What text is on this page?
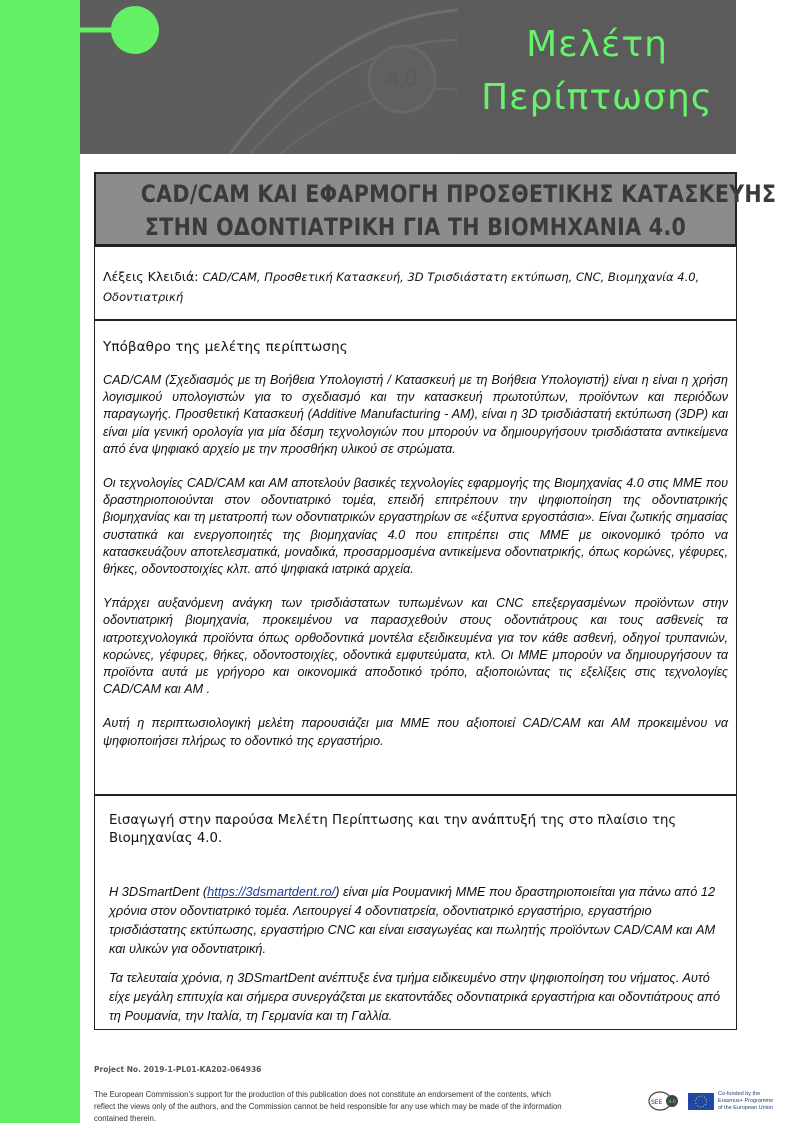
4.0
Μελέτη
Περίπτωσης
CAD/CAM ΚΑΙ ΕΦΑΡΜΟΓΗ ΠΡΟΣΘΕΤΙΚΗΣ ΚΑΤΑΣΚΕΥΗΣ
ΣΤΗΝ ΟΔΟΝΤΙΑΤΡΙΚΗ ΓΙΑ ΤΗ ΒΙΟΜΗΧΑΝΙΑ 4.0
Λέξεις Κλειδιά: CAD/CAM, Προσθετική Κατασκευή, 3D Τρισδιάστατη εκτύπωση, CNC, Βιομηχανία 4.0, Οδοντιατρική
Υπόβαθρο της μελέτης περίπτωσης

CAD/CAM (Σχεδιασμός με τη Βοήθεια Υπολογιστή / Κατασκευή με τη Βοήθεια Υπολογιστή) είναι η είναι η χρήση λογισμικού υπολογιστών για το σχεδιασμό και την κατασκευή πρωτοτύπων, προϊόντων και περιόδων παραγωγής. Προσθετική Κατασκευή (Additive Manufacturing - AM), είναι η 3D τρισδιάστατή εκτύπωση (3DP) και είναι μία γενική ορολογία για μία δέσμη τεχνολογιών που μπορούν να δημιουργήσουν τρισδιάστατα αντικείμενα από ένα ψηφιακό αρχείο με την προσθήκη υλικού σε στρώματα.

Οι τεχνολογίες CAD/CAM και AM αποτελούν βασικές τεχνολογίες εφαρμογής της Βιομηχανίας 4.0 στις ΜΜΕ που δραστηριοποιούνται στον οδοντιατρικό τομέα, επειδή επιτρέπουν την ψηφιοποίηση της οδοντιατρικής βιομηχανίας και τη μετατροπή των οδοντιατρικών εργαστηρίων σε «έξυπνα εργοστάσια». Είναι ζωτικής σημασίας συστατικά και ενεργοποιητές της βιομηχανίας 4.0 που επιτρέπει στις ΜΜΕ με οικονομικό τρόπο να κατασκευάζουν αποτελεσματικά, μοναδικά, προσαρμοσμένα αντικείμενα οδοντιατρικής, όπως κορώνες, γέφυρες, θήκες, οδοντοστοιχίες κλπ. από ψηφιακά ιατρικά αρχεία.

Υπάρχει αυξανόμενη ανάγκη των τρισδιάστατων τυπωμένων και CNC επεξεργασμένων προϊόντων στην οδοντιατρική βιομηχανία, προκειμένου να παρασχεθούν στους οδοντιάτρους και τους ασθενείς τα ιατροτεχνολογικά προϊόντα όπως ορθοδοντικά μοντέλα εξειδικευμένα για τον κάθε ασθενή, οδηγοί τρυπανιών, κορώνες, γέφυρες, θήκες, οδοντοστοιχίες, οδοντικά εμφυτεύματα, κτλ. Οι ΜΜΕ μπορούν να δημιουργήσουν τα προϊόντα αυτά με γρήγορο και οικονομικά αποδοτικό τρόπο, αξιοποιώντας τις εξελίξεις στις τεχνολογίες CAD/CAM και AM .

Αυτή η περιπτωσιολογική μελέτη παρουσιάζει μια ΜΜΕ που αξιοποιεί CAD/CAM και AM προκειμένου να ψηφιοποιήσει πλήρως το οδοντικό της εργαστήριο.

Εισαγωγή στην παρούσα Μελέτη Περίπτωσης και την ανάπτυξή της στο πλαίσιο της Βιομηχανίας 4.0.

Η 3DSmartDent (https://3dsmartdent.ro/) είναι μία Ρουμανική ΜΜΕ που δραστηριοποιείται για πάνω από 12 χρόνια στον οδοντιατρικό τομέα. Λειτουργεί 4 οδοντιατρεία, οδοντιατρικό εργαστήριο, εργαστήριο τρισδιάστατης εκτύπωσης, εργαστήριο CNC και είναι εισαγωγέας και πωλητής προϊόντων CAD/CAM και AM και υλικών για οδοντιατρική.

Τα τελευταία χρόνια, η 3DSmartDent ανέπτυξε ένα τμήμα ειδικευμένο στην ψηφιοποίηση του νήματος. Αυτό είχε μεγάλη επιτυχία και σήμερα συνεργάζεται με εκατοντάδες οδοντιατρικά εργαστήρια και οδοντιάτρους από τη Ρουμανία, την Ιταλία, τη Γερμανία και τη Γαλλία.

Project No. 2019-1-PL01-KA202-064936
The European Commission's support for the production of this publication does not constitute an endorsement of the contents, which reflect the views only of the authors, and the Commission cannot be held responsible for any use which may be made of the information contained therein.
SEE 4.0
Co-funded by the
Erasmus+ Programme
of the European Union
